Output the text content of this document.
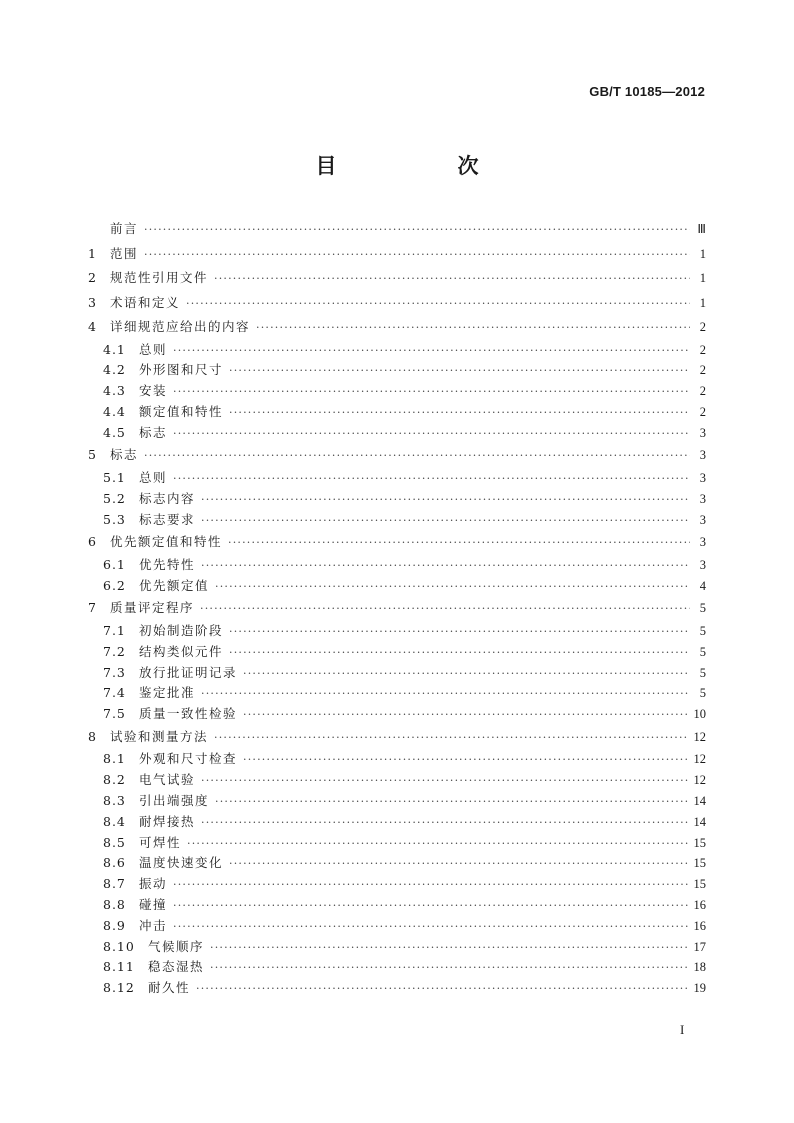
GB/T 10185—2012
目　次
前言 ·····	Ⅲ
1	范围 ·····	1
2	规范性引用文件 ·····	1
3	术语和定义 ·····	1
4	详细规范应给出的内容 ·····	2
4.1	总则 ·····	2
4.2	外形图和尺寸 ·····	2
4.3	安装 ·····	2
4.4	额定值和特性 ·····	2
4.5	标志 ·····	3
5	标志 ·····	3
5.1	总则 ·····	3
5.2	标志内容 ·····	3
5.3	标志要求 ·····	3
6	优先额定值和特性 ·····	3
6.1	优先特性 ·····	3
6.2	优先额定值 ·····	4
7	质量评定程序 ·····	5
7.1	初始制造阶段 ·····	5
7.2	结构类似元件 ·····	5
7.3	放行批证明记录 ·····	5
7.4	鉴定批准 ·····	5
7.5	质量一致性检验 ·····	10
8	试验和测量方法 ·····	12
8.1	外观和尺寸检查 ·····	12
8.2	电气试验 ·····	12
8.3	引出端强度 ·····	14
8.4	耐焊接热 ·····	14
8.5	可焊性 ·····	15
8.6	温度快速变化 ·····	15
8.7	振动 ·····	15
8.8	碰撞 ·····	16
8.9	冲击 ·····	16
8.10	气候顺序 ·····	17
8.11	稳态湿热 ·····	18
8.12	耐久性 ·····	19
I
